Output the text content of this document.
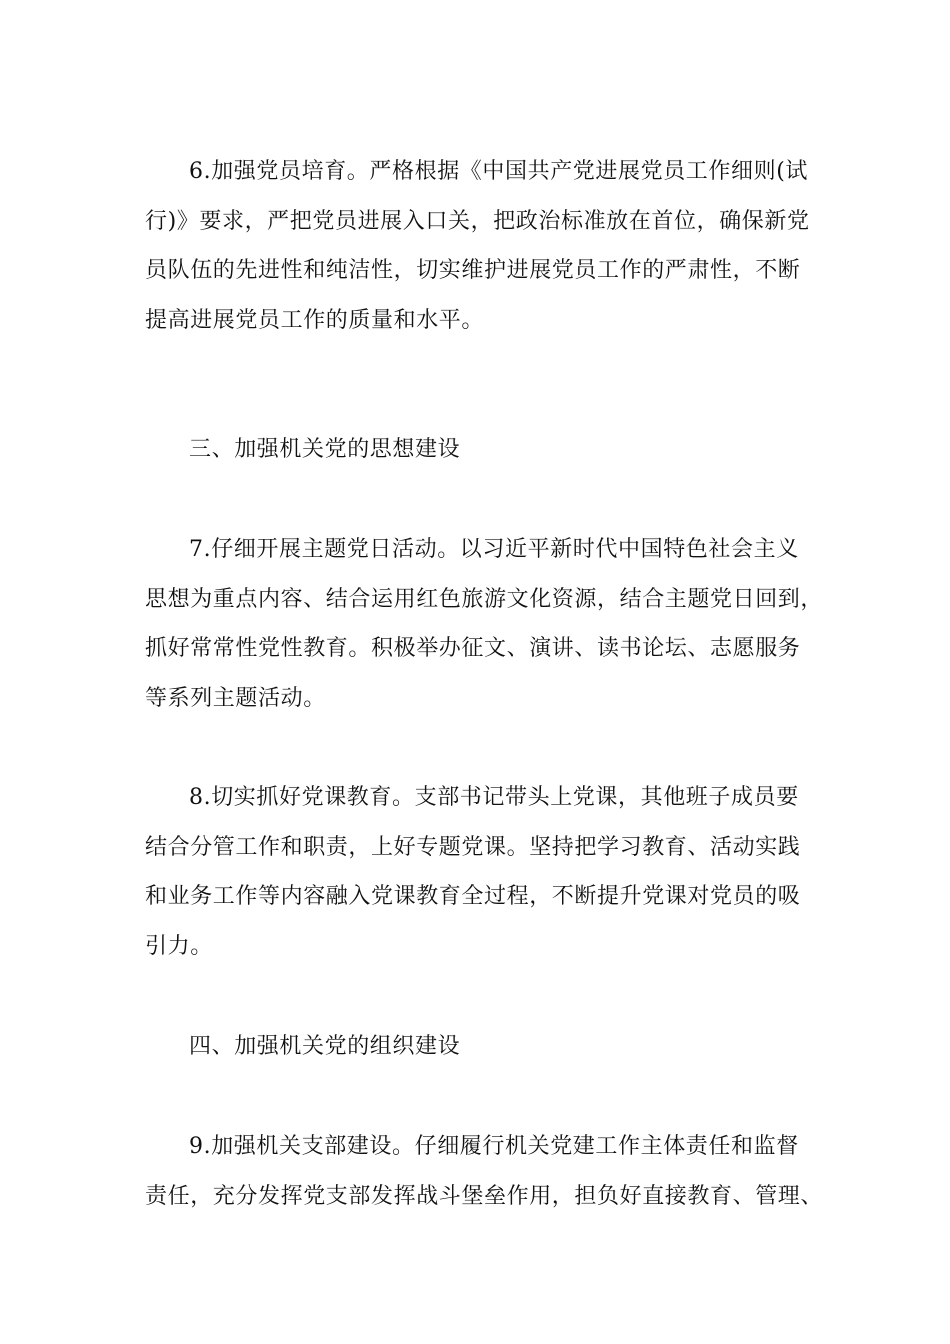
6.加强党员培育。严格根据《中国共产党进展党员工作细则(试
行)》要求，严把党员进展入口关，把政治标准放在首位，确保新党
员队伍的先进性和纯洁性，切实维护进展党员工作的严肃性，不断
提高进展党员工作的质量和水平。
三、加强机关党的思想建设
7.仔细开展主题党日活动。以习近平新时代中国特色社会主义
思想为重点内容、结合运用红色旅游文化资源，结合主题党日回到，
抓好常常性党性教育。积极举办征文、演讲、读书论坛、志愿服务
等系列主题活动。
8.切实抓好党课教育。支部书记带头上党课，其他班子成员要
结合分管工作和职责，上好专题党课。坚持把学习教育、活动实践
和业务工作等内容融入党课教育全过程，不断提升党课对党员的吸
引力。
四、加强机关党的组织建设
9.加强机关支部建设。仔细履行机关党建工作主体责任和监督
责任，充分发挥党支部发挥战斗堡垒作用，担负好直接教育、管理、
